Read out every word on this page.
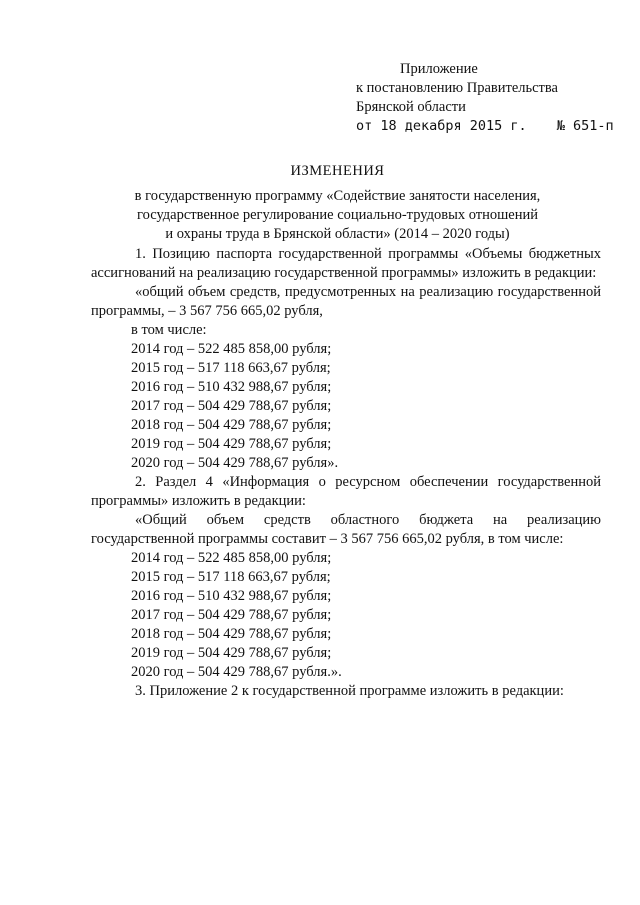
Приложение
к постановлению Правительства
Брянской области
от 18 декабря 2015 г. № 651-п
ИЗМЕНЕНИЯ
в государственную программу «Содействие занятости населения,
государственное регулирование социально-трудовых отношений
и охраны труда в Брянской области» (2014 – 2020 годы)

1. Позицию паспорта государственной программы «Объемы бюджетных ассигнований на реализацию государственной программы» изложить в редакции:

«общий объем средств, предусмотренных на реализацию государственной программы, – 3 567 756 665,02 рубля,

в том числе:
2014 год – 522 485 858,00 рубля;
2015 год – 517 118 663,67 рубля;
2016 год – 510 432 988,67 рубля;
2017 год – 504 429 788,67 рубля;
2018 год – 504 429 788,67 рубля;
2019 год – 504 429 788,67 рубля;
2020 год – 504 429 788,67 рубля».

2. Раздел 4 «Информация о ресурсном обеспечении государственной программы» изложить в редакции:

«Общий объем средств областного бюджета на реализацию государственной программы составит – 3 567 756 665,02 рубля, в том числе:

2014 год – 522 485 858,00 рубля;
2015 год – 517 118 663,67 рубля;
2016 год – 510 432 988,67 рубля;
2017 год – 504 429 788,67 рубля;
2018 год – 504 429 788,67 рубля;
2019 год – 504 429 788,67 рубля;
2020 год – 504 429 788,67 рубля.».

3. Приложение 2 к государственной программе изложить в редакции:
